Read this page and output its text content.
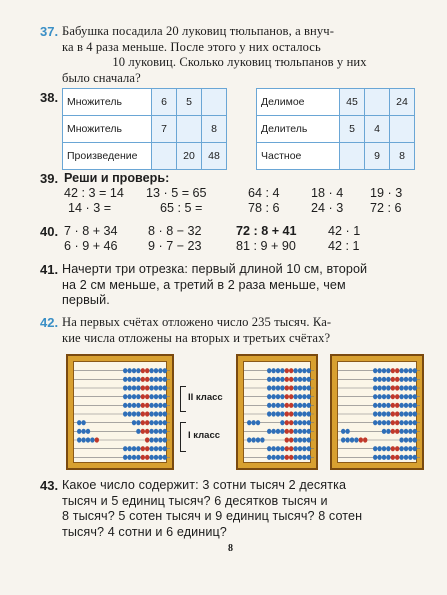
37. Бабушка посадила 20 луковиц тюльпанов, а внуч-

ка в 4 раза меньше. После этого у них осталось

10 луковиц. Сколько луковиц тюльпанов у них

было сначала?

38. Множитель	6	5	
Множитель	7		8
Произведение		20	48
Делимое	45		24
Делитель	5	4	
Частное		9	8
39. Реши и проверь:
42 : 3 = 14 13 · 5 = 65	64 : 4 18 · 4 19 · 3
14 · 3 =	65 : 5 =	78 : 6 24 · 3 72 : 6
40. 7 · 8 + 34 8 · 8 − 32	72 : 8 + 41 42 · 1
6 · 9 + 46 9 · 7 − 23	81 : 9 + 90	42 : 1
41. Начерти три отрезка: первый длиной 10 см, второй

на 2 см меньше, а третий в 2 раза меньше, чем

первый.

42. На первых счётах отложено число 235 тысяч. Ка-

кие числа отложены на вторых и третьих счётах?

II класс
I класс
43. Какое число содержит: 3 сотни тысяч 2 десятка

тысяч и 5 единиц тысяч? 6 десятков тысяч и

8 тысяч? 5 сотен тысяч и 9 единиц тысяч? 8 сотен

тысяч? 4 сотни и 6 единиц?

8
